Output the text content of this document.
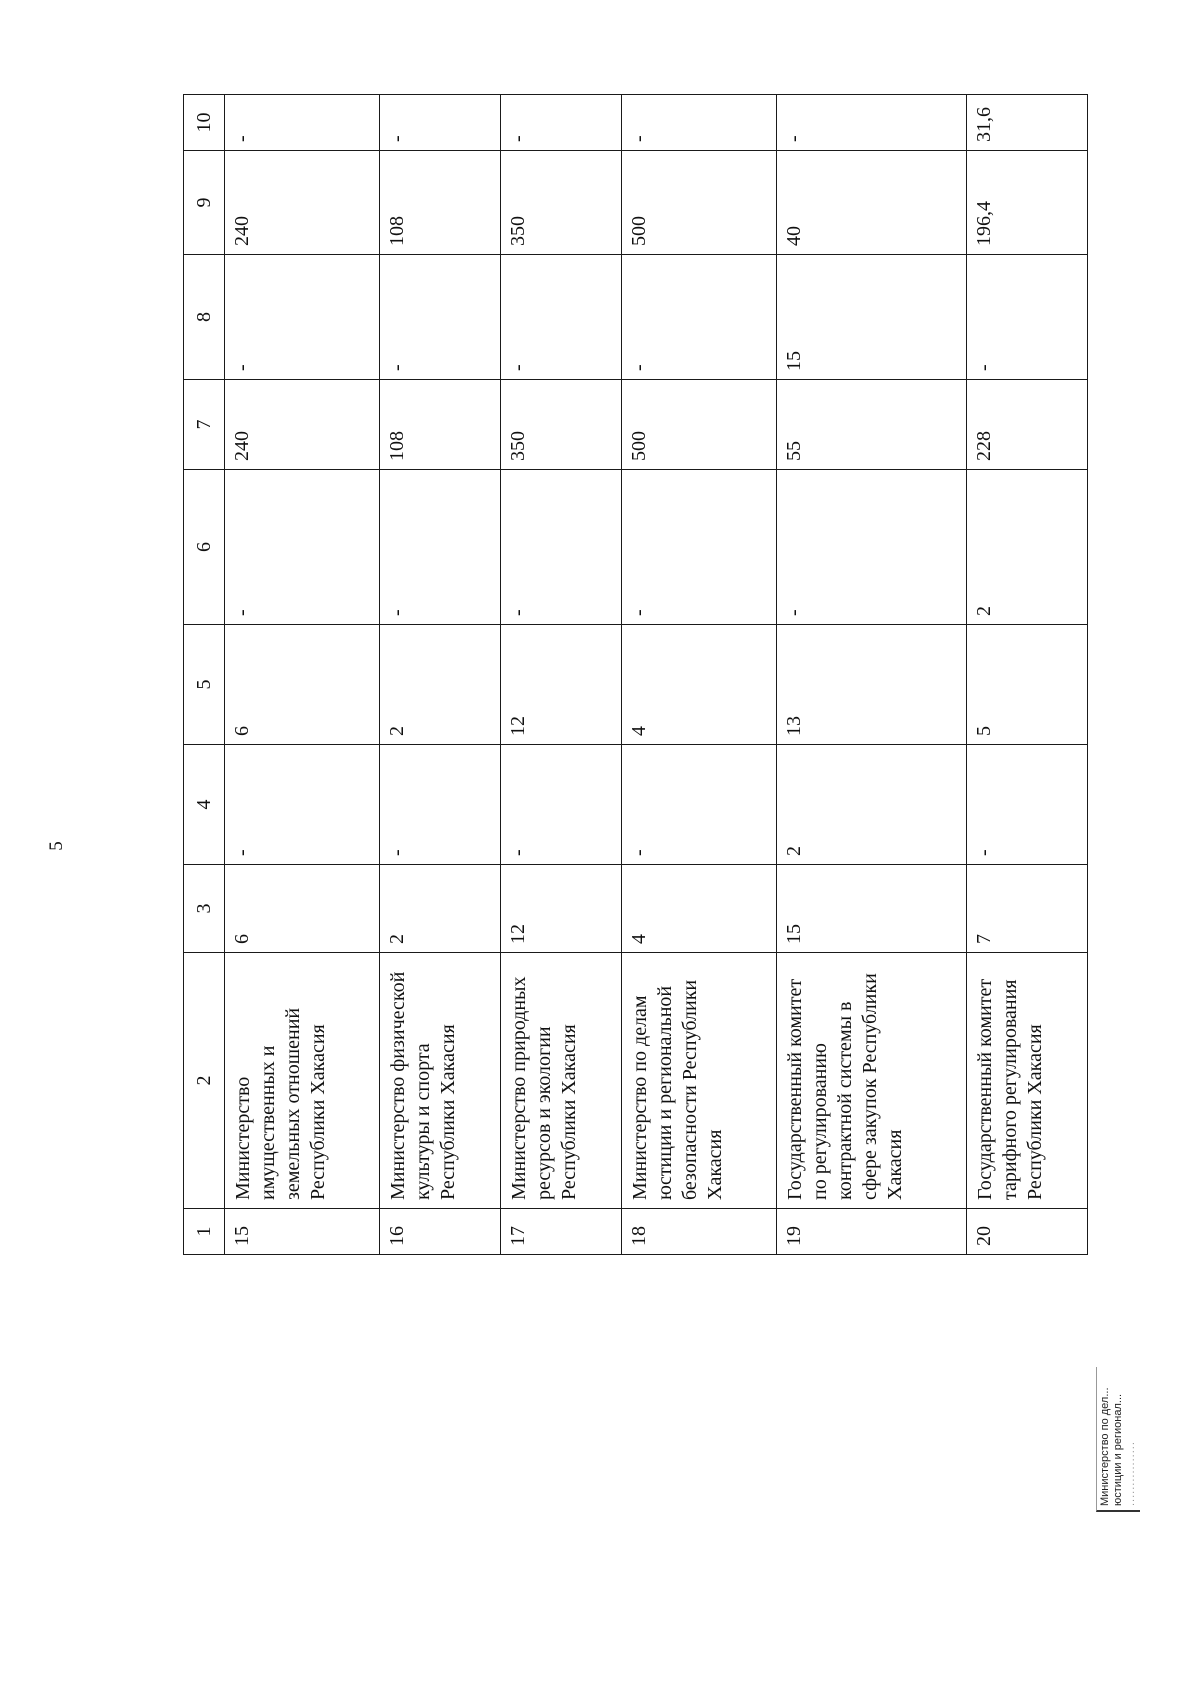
5
1	2	3	4	5	6	7	8	9	10
15	Министерство имущественных и земельных отношений Республики Хакасия	6	-	6	-	240	-	240	-
16	Министерство физической культуры и спорта Республики Хакасия	2	-	2	-	108	-	108	-
17	Министерство природных ресурсов и экологии Республики Хакасия	12	-	12	-	350	-	350	-
18	Министерство по делам юстиции и региональной безопасности Республики Хакасия	4	-	4	-	500	-	500	-
19	Государственный комитет по регулированию контрактной системы в сфере закупок Республики Хакасия	15	2	13	-	55	15	40	-
20	Государственный комитет тарифного регулирования Республики Хакасия	7	-	5	2	228	-	196,4	31,6
Министерство по дел... юстиции и регионал... ................
